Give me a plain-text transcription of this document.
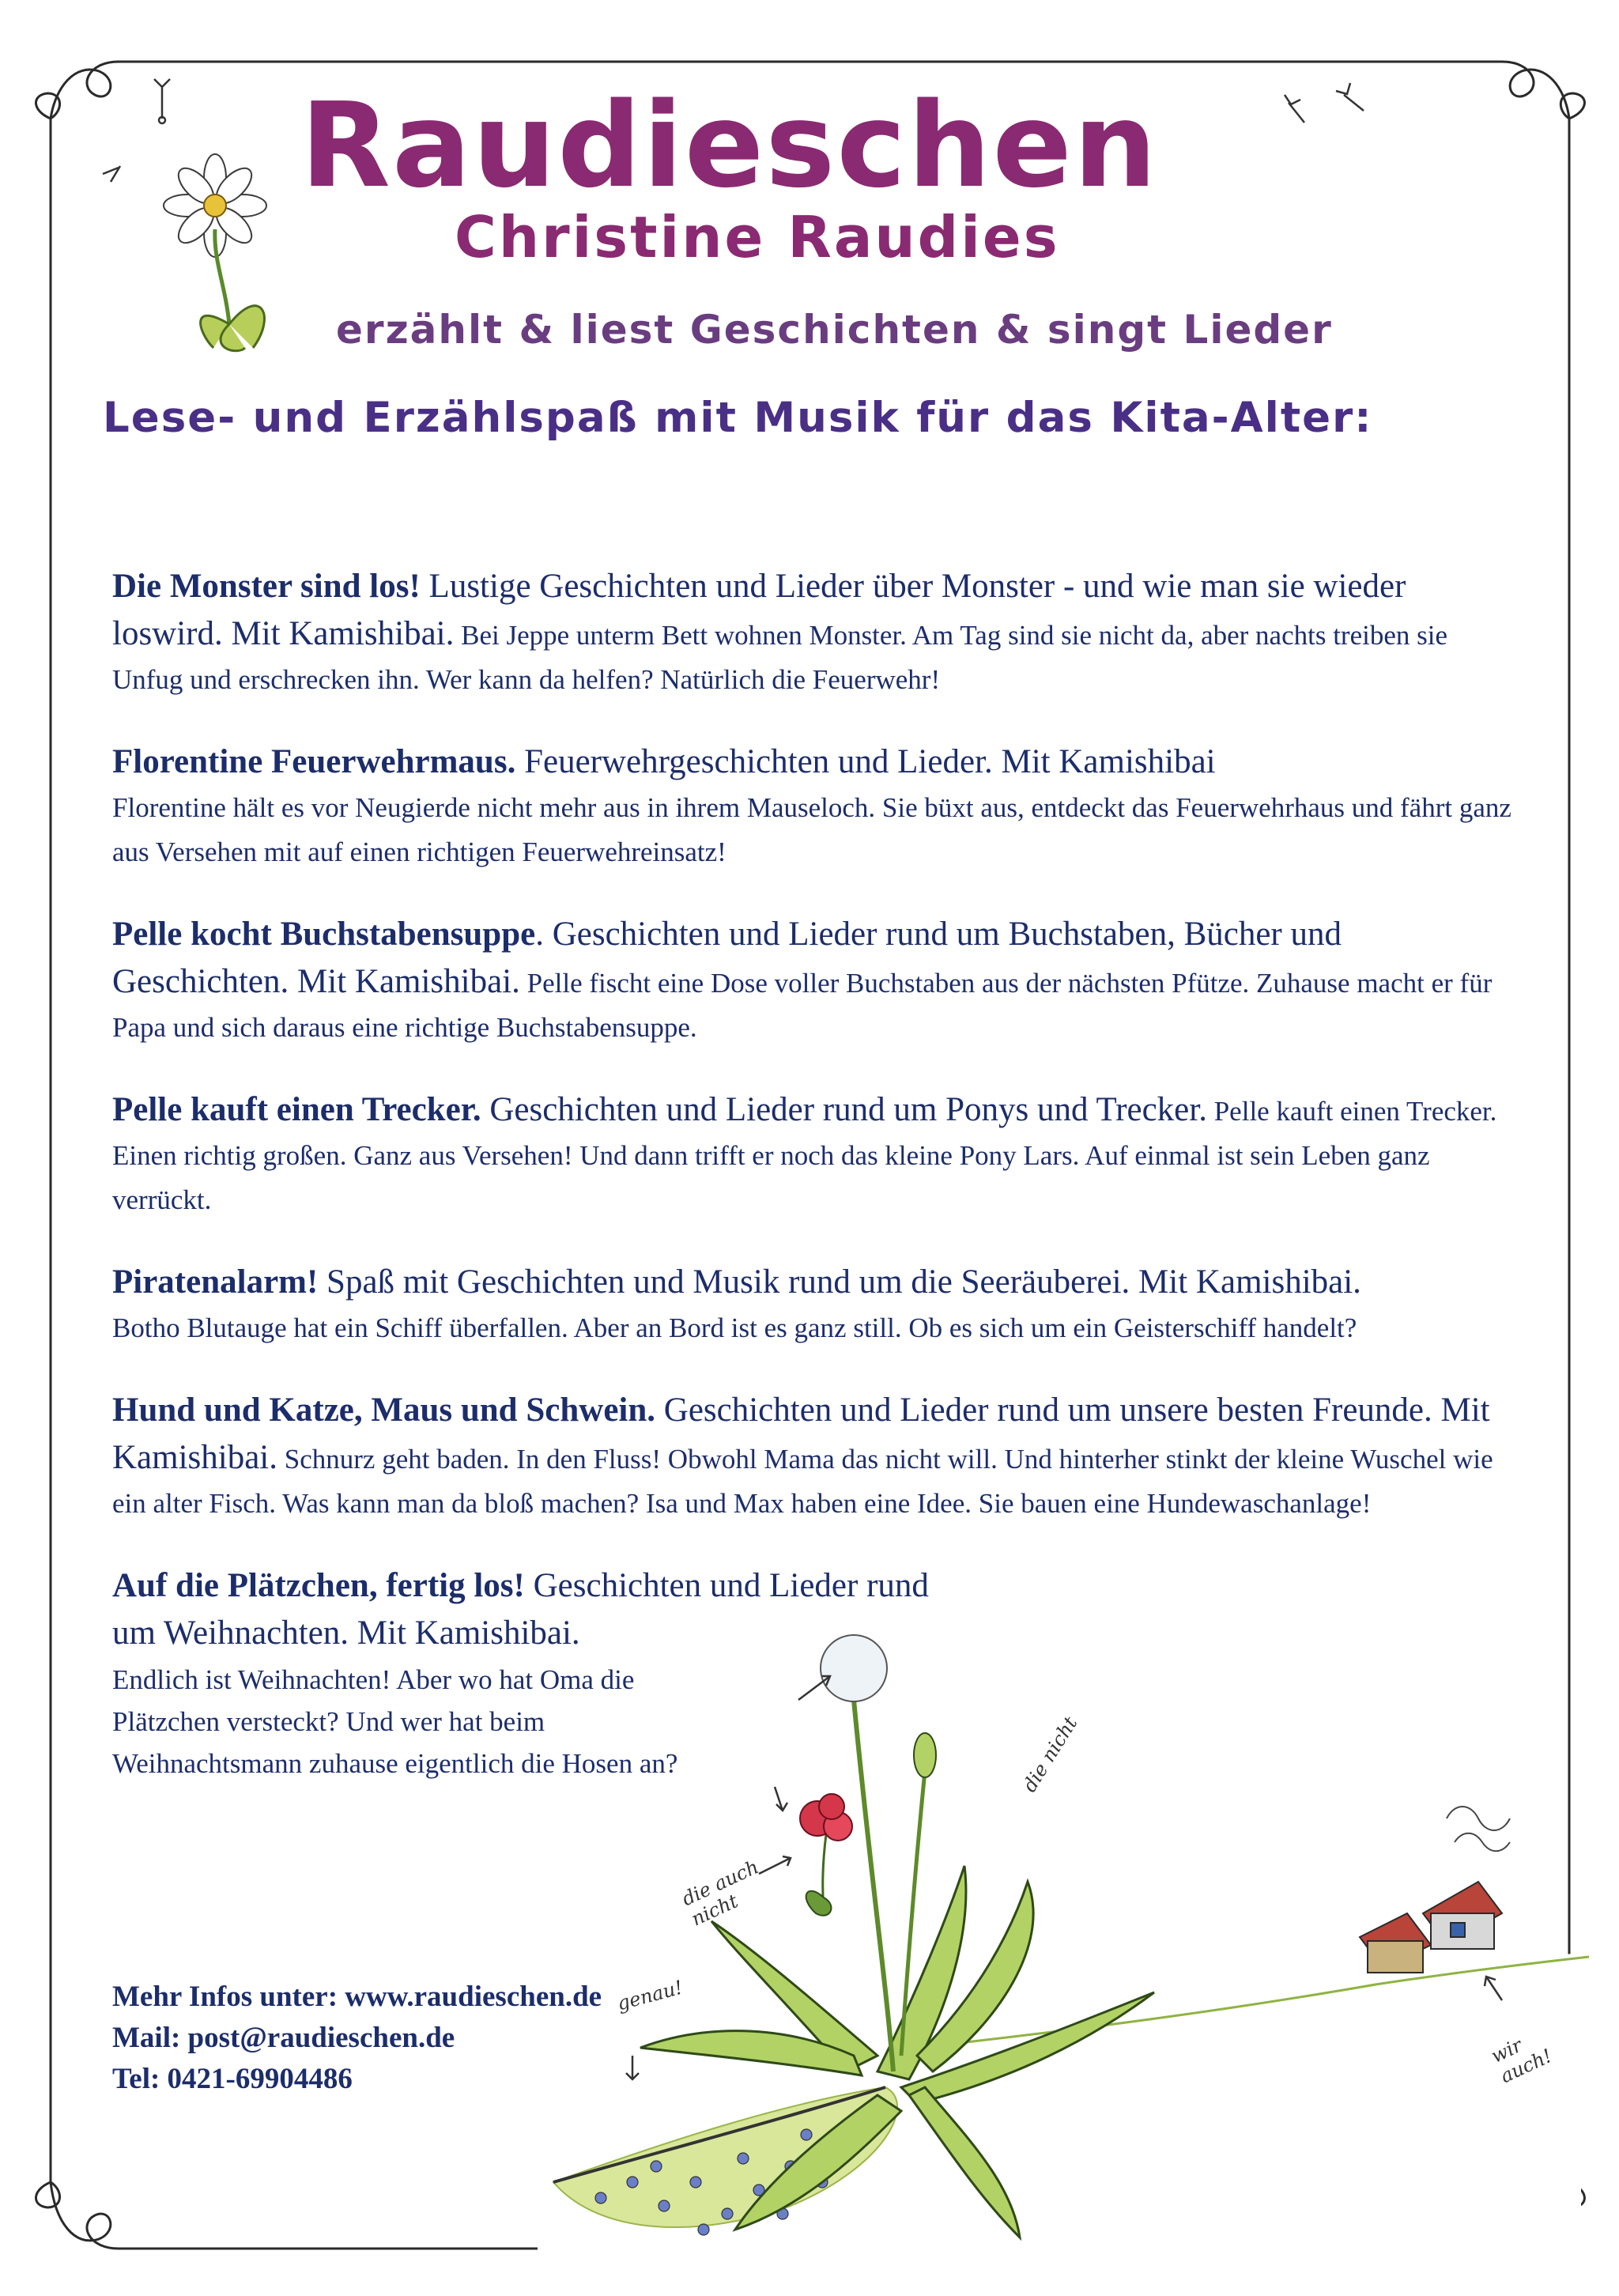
Raudieschen
Christine Raudies
erzählt & liest Geschichten & singt Lieder
Lese- und Erzählspaß mit Musik für das Kita-Alter:
Die Monster sind los! Lustige Geschichten und Lieder über Monster - und wie man sie wieder loswird. Mit Kamishibai. Bei Jeppe unterm Bett wohnen Monster. Am Tag sind sie nicht da, aber nachts treiben sie Unfug und erschrecken ihn. Wer kann da helfen? Natürlich die Feuerwehr!
Florentine Feuerwehrmaus. Feuerwehrgeschichten und Lieder. Mit Kamishibai
Florentine hält es vor Neugierde nicht mehr aus in ihrem Mauseloch. Sie büxt aus, entdeckt das Feuerwehrhaus und fährt ganz aus Versehen mit auf einen richtigen Feuerwehreinsatz!
Pelle kocht Buchstabensuppe. Geschichten und Lieder rund um Buchstaben, Bücher und Geschichten. Mit Kamishibai. Pelle fischt eine Dose voller Buchstaben aus der nächsten Pfütze. Zuhause macht er für Papa und sich daraus eine richtige Buchstabensuppe.
Pelle kauft einen Trecker. Geschichten und Lieder rund um Ponys und Trecker. Pelle kauft einen Trecker. Einen richtig großen. Ganz aus Versehen! Und dann trifft er noch das kleine Pony Lars. Auf einmal ist sein Leben ganz verrückt.
Piratenalarm! Spaß mit Geschichten und Musik rund um die Seeräuberei. Mit Kamishibai.
Botho Blutauge hat ein Schiff überfallen. Aber an Bord ist es ganz still. Ob es sich um ein Geisterschiff handelt?
Hund und Katze, Maus und Schwein. Geschichten und Lieder rund um unsere besten Freunde. Mit Kamishibai. Schnurz geht baden. In den Fluss! Obwohl Mama das nicht will. Und hinterher stinkt der kleine Wuschel wie ein alter Fisch. Was kann man da bloß machen? Isa und Max haben eine Idee. Sie bauen eine Hundewaschanlage!
Auf die Plätzchen, fertig los! Geschichten und Lieder rund um Weihnachten. Mit Kamishibai.
Endlich ist Weihnachten! Aber wo hat Oma die Plätzchen versteckt? Und wer hat beim Weihnachtsmann zuhause eigentlich die Hosen an?
Mehr Infos unter: www.raudieschen.de
Mail: post@raudieschen.de
Tel: 0421-69904486
die nicht
die auch nicht
genau!
wir auch!
